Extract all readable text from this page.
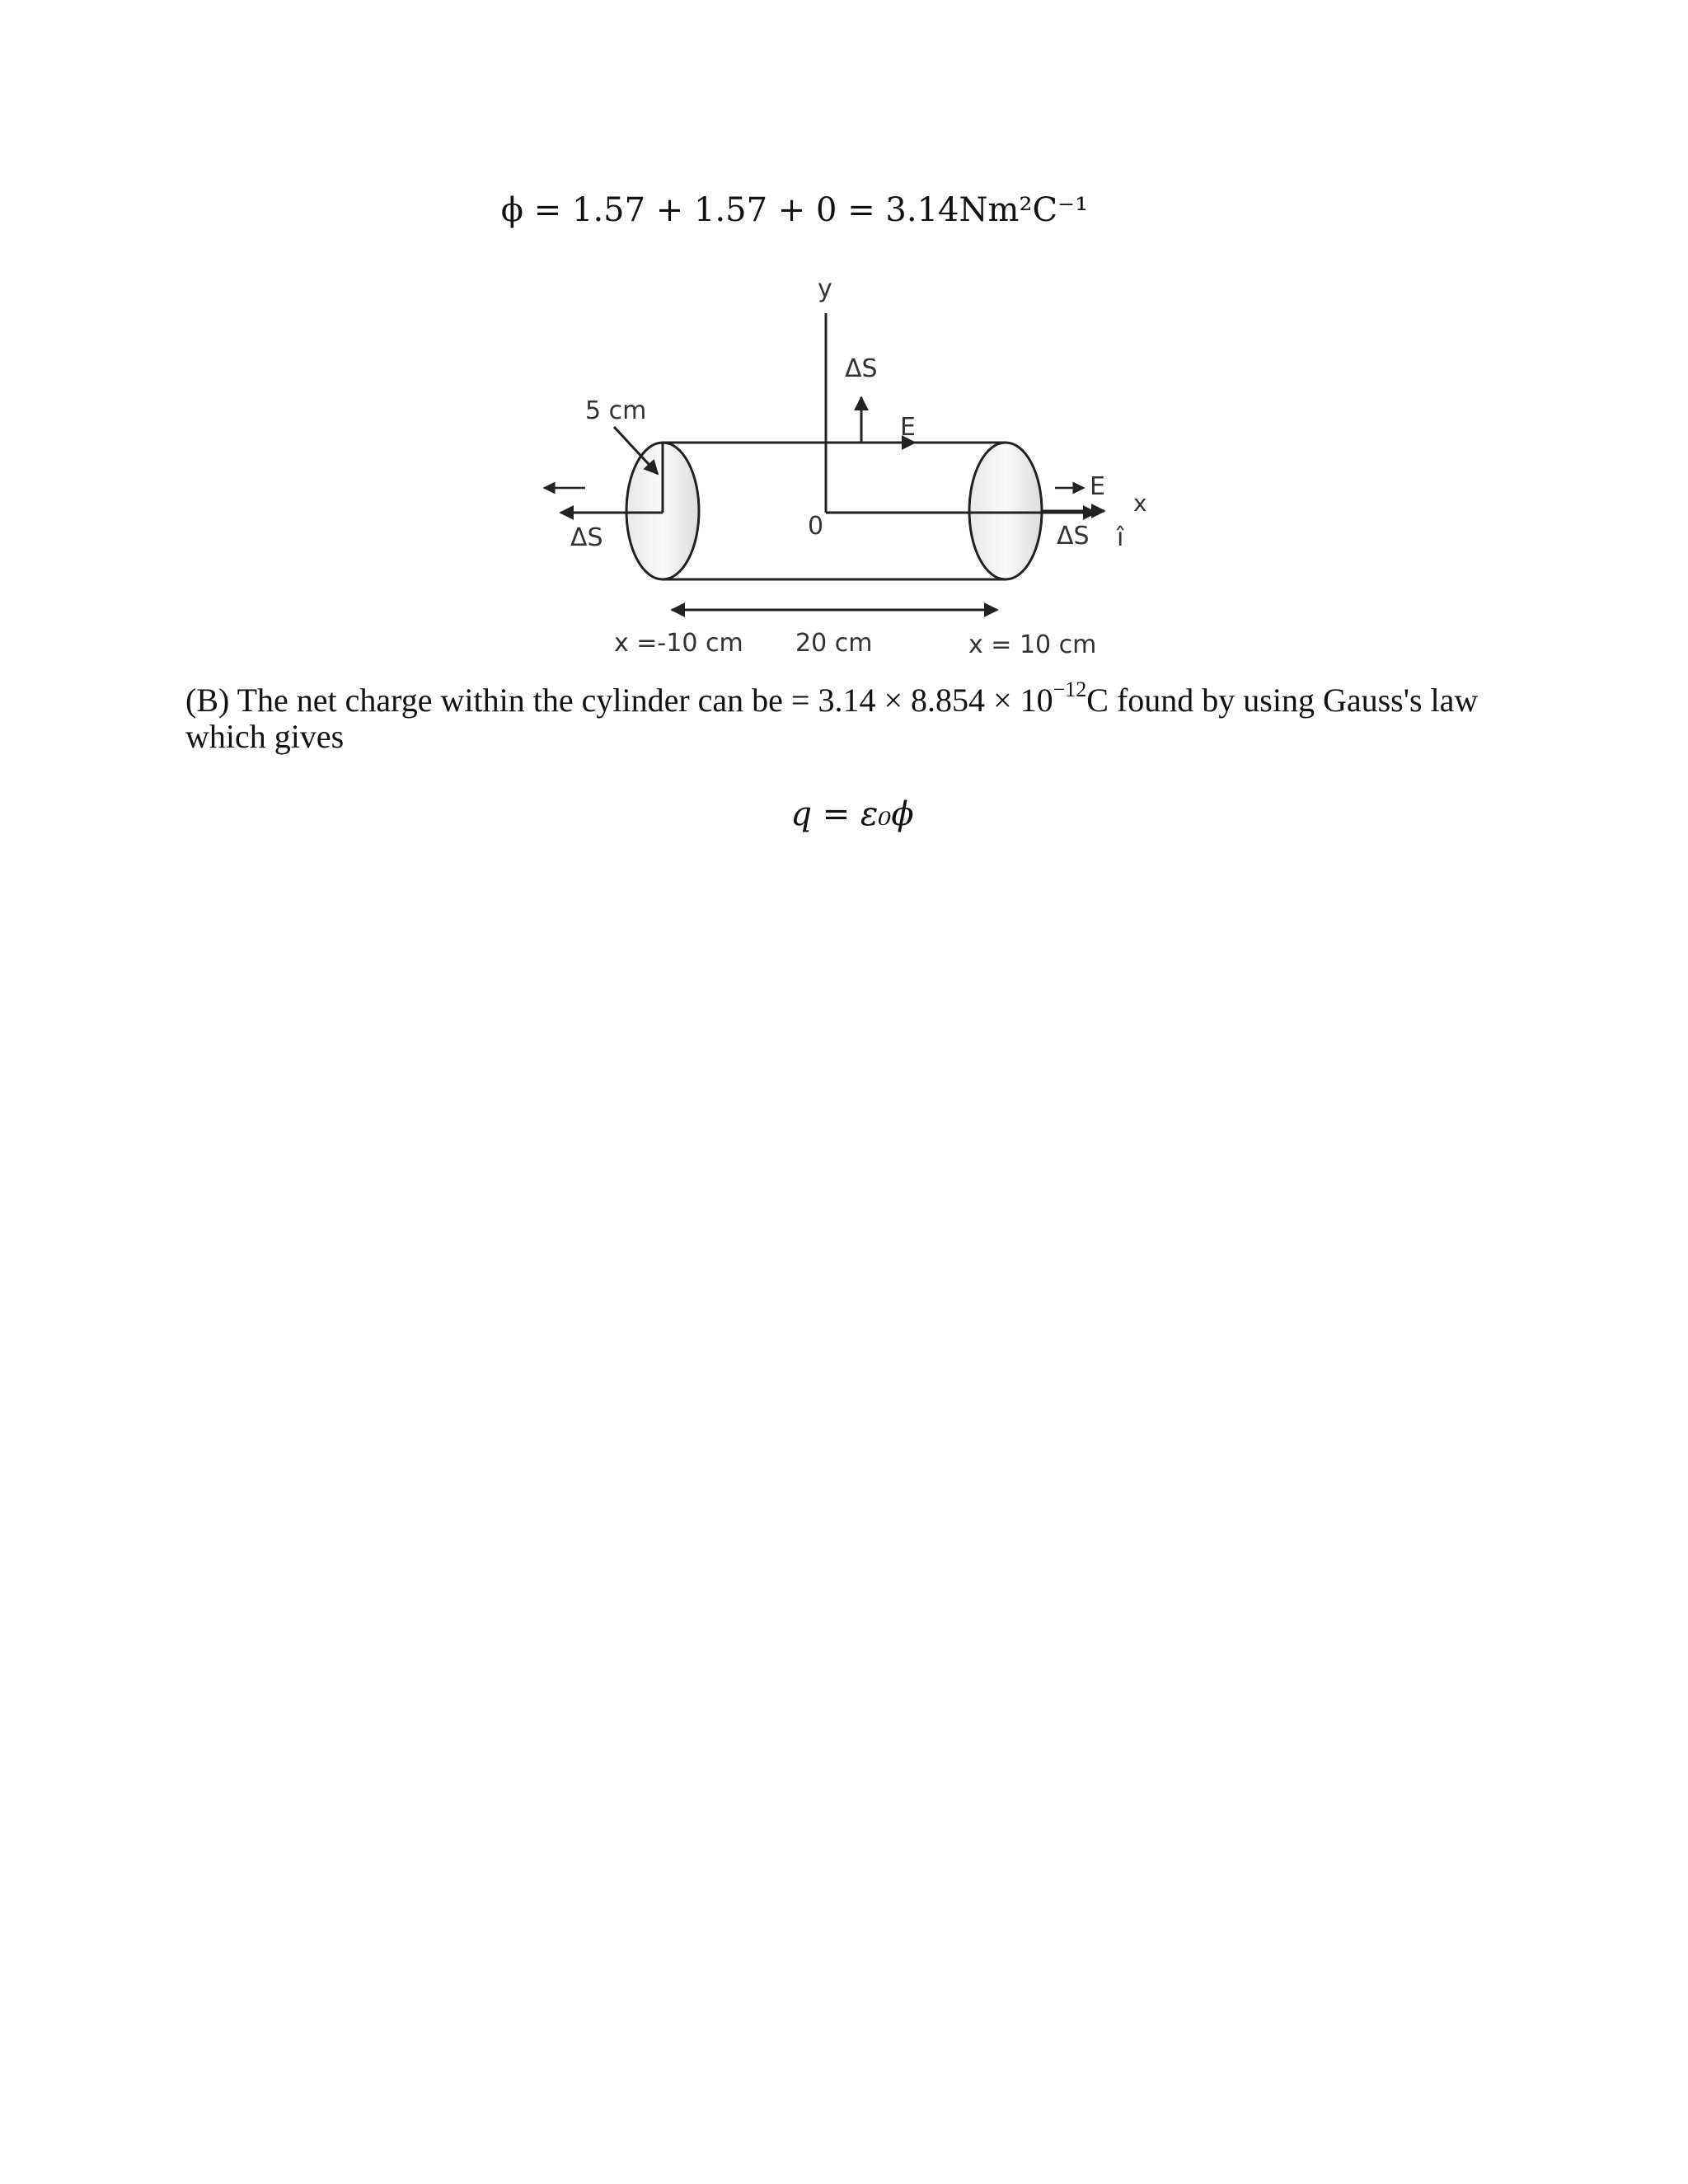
ϕ = 1.57 + 1.57 + 0 = 3.14Nm²C⁻¹
y
x
0
ΔS
5 cm
ΔS
E
E
ΔS î
x =-10 cm 20 cm	x = 10 cm
(B) The net charge within the cylinder can be = $3.14 \times 8.854 \times 10^{-12}C$ found by using Gauss's law which gives
q = ε₀ϕ
